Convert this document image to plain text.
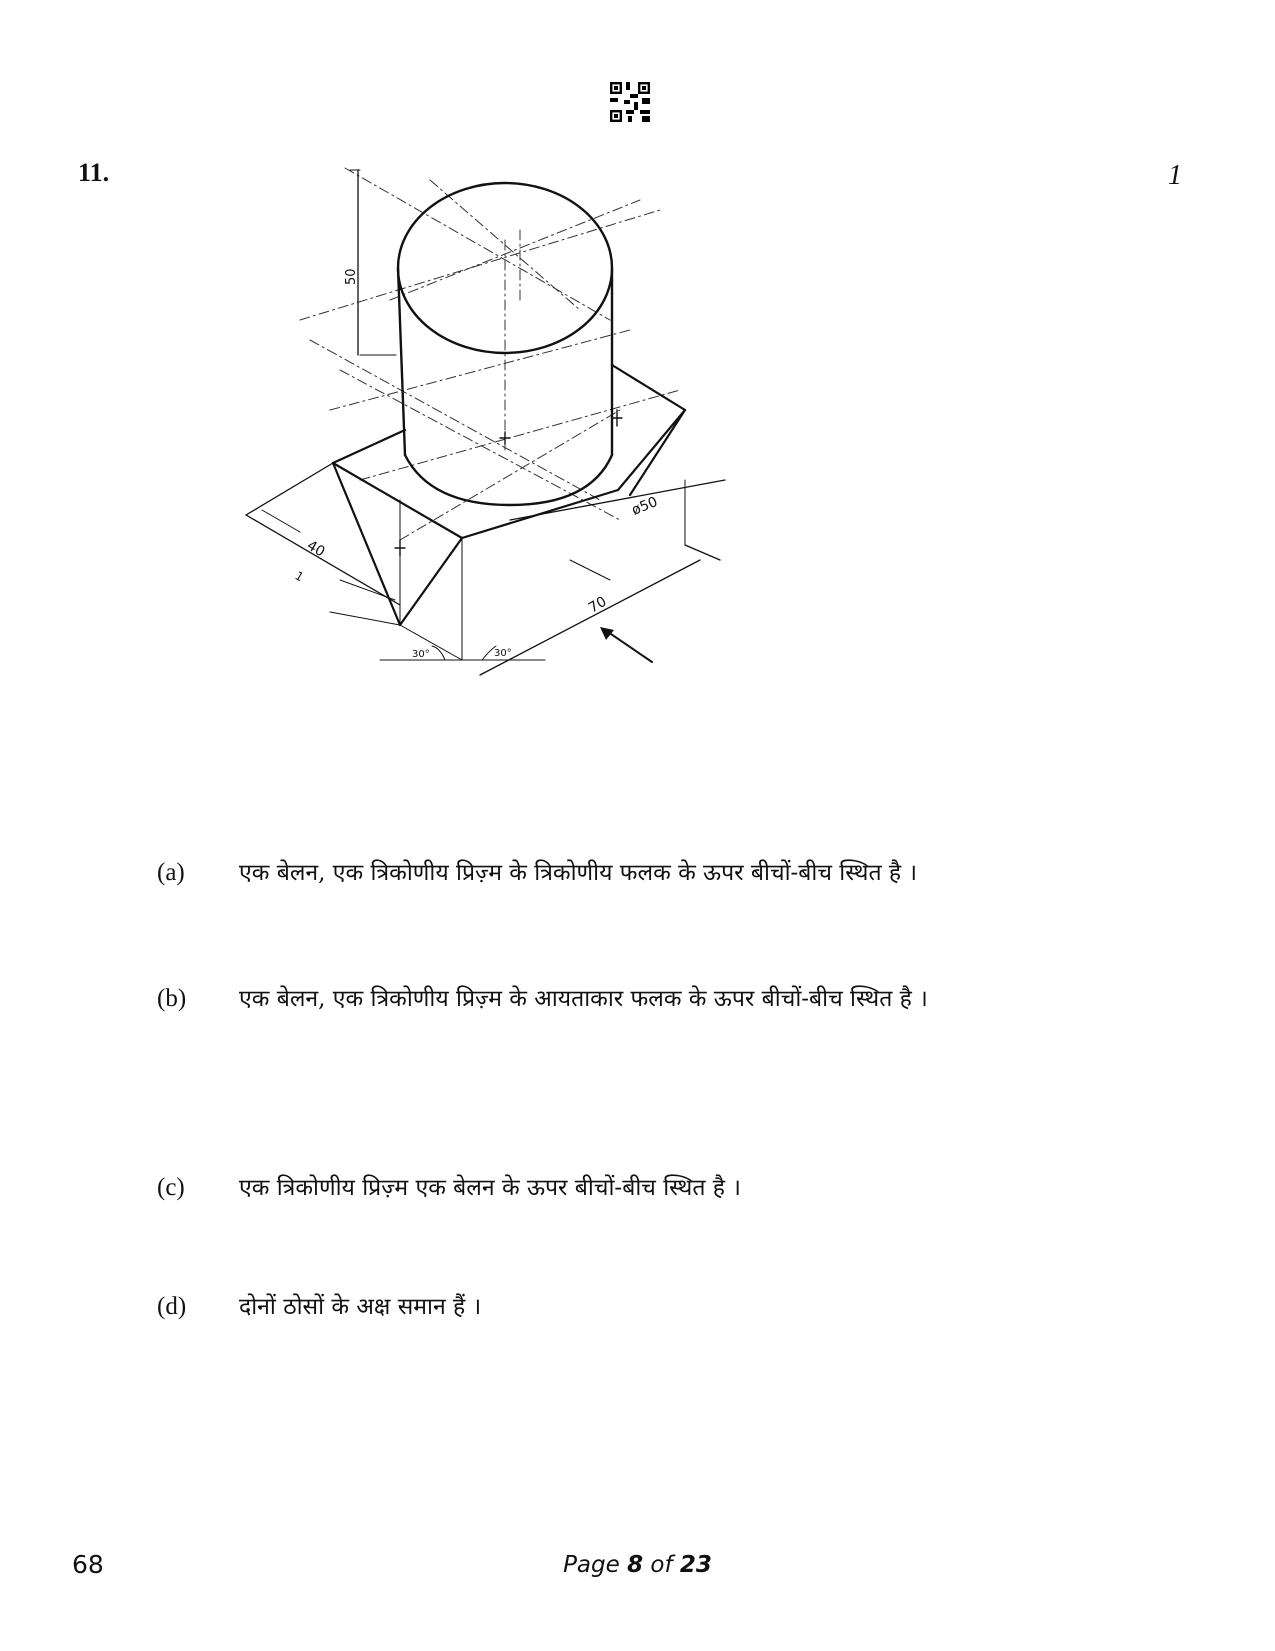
11.	1
50
ø50
40
70
1
30°	30°
(a) एक बेलन, एक त्रिकोणीय प्रिज़्म के त्रिकोणीय फलक के ऊपर बीचों-बीच स्थित है ।
(b) एक बेलन, एक त्रिकोणीय प्रिज़्म के आयताकार फलक के ऊपर बीचों-बीच स्थित है ।
(c) एक त्रिकोणीय प्रिज़्म एक बेलन के ऊपर बीचों-बीच स्थित है ।
(d) दोनों ठोसों के अक्ष समान हैं ।
68	Page 8 of 23
